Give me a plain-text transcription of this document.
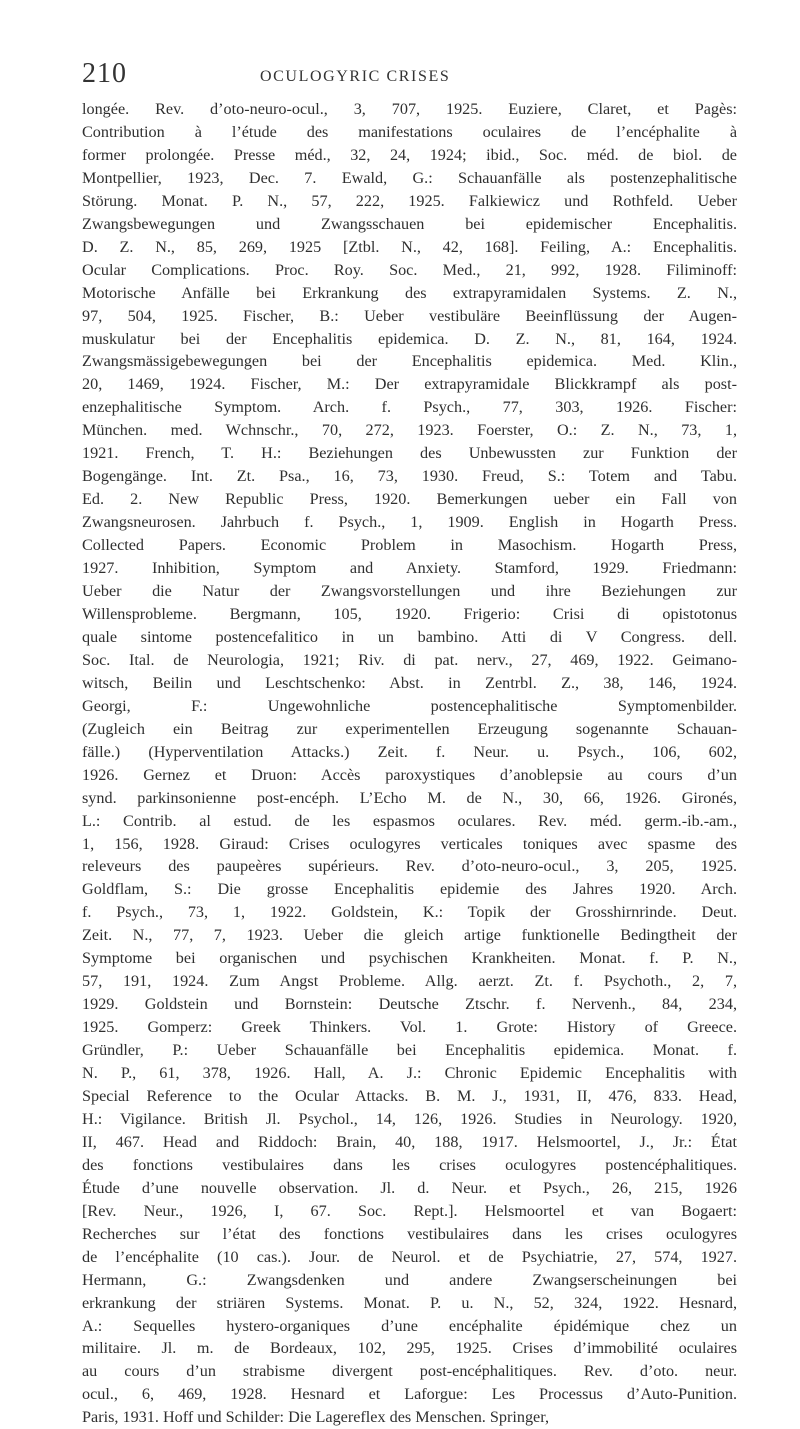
210	OCULOGYRIC CRISES
longée. Rev. d’oto-neuro-ocul., 3, 707, 1925. Euziere, Claret, et Pagès:
Contribution à l’étude des manifestations oculaires de l’encéphalite à
former prolongée. Presse méd., 32, 24, 1924; ibid., Soc. méd. de biol. de
Montpellier, 1923, Dec. 7. Ewald, G.: Schauanfälle als postenzephalitische
Störung. Monat. P. N., 57, 222, 1925. Falkiewicz und Rothfeld. Ueber
Zwangsbewegungen und Zwangsschauen bei epidemischer Encephalitis.
D. Z. N., 85, 269, 1925 [Ztbl. N., 42, 168]. Feiling, A.: Encephalitis.
Ocular Complications. Proc. Roy. Soc. Med., 21, 992, 1928. Filiminoff:
Motorische Anfälle bei Erkrankung des extrapyramidalen Systems. Z. N.,
97, 504, 1925. Fischer, B.: Ueber vestibuläre Beeinflüssung der Augen-
muskulatur bei der Encephalitis epidemica. D. Z. N., 81, 164, 1924.
Zwangsmässigebewegungen bei der Encephalitis epidemica. Med. Klin.,
20, 1469, 1924. Fischer, M.: Der extrapyramidale Blickkrampf als post-
enzephalitische Symptom. Arch. f. Psych., 77, 303, 1926. Fischer:
München. med. Wchnschr., 70, 272, 1923. Foerster, O.: Z. N., 73, 1,
1921. French, T. H.: Beziehungen des Unbewussten zur Funktion der
Bogengänge. Int. Zt. Psa., 16, 73, 1930. Freud, S.: Totem and Tabu.
Ed. 2. New Republic Press, 1920. Bemerkungen ueber ein Fall von
Zwangsneurosen. Jahrbuch f. Psych., 1, 1909. English in Hogarth Press.
Collected Papers. Economic Problem in Masochism. Hogarth Press,
1927. Inhibition, Symptom and Anxiety. Stamford, 1929. Friedmann:
Ueber die Natur der Zwangsvorstellungen und ihre Beziehungen zur
Willensprobleme. Bergmann, 105, 1920. Frigerio: Crisi di opistotonus
quale sintome postencefalitico in un bambino. Atti di V Congress. dell.
Soc. Ital. de Neurologia, 1921; Riv. di pat. nerv., 27, 469, 1922. Geimano-
witsch, Beilin und Leschtschenko: Abst. in Zentrbl. Z., 38, 146, 1924.
Georgi, F.: Ungewohnliche postencephalitische Symptomenbilder.
(Zugleich ein Beitrag zur experimentellen Erzeugung sogenannte Schauan-
fälle.) (Hyperventilation Attacks.) Zeit. f. Neur. u. Psych., 106, 602,
1926. Gernez et Druon: Accès paroxystiques d’anoblepsie au cours d’un
synd. parkinsonienne post-encéph. L’Echo M. de N., 30, 66, 1926. Gironés,
L.: Contrib. al estud. de les espasmos oculares. Rev. méd. germ.-ib.-am.,
1, 156, 1928. Giraud: Crises oculogyres verticales toniques avec spasme des
releveurs des paupeères supérieurs. Rev. d’oto-neuro-ocul., 3, 205, 1925.
Goldflam, S.: Die grosse Encephalitis epidemie des Jahres 1920. Arch.
f. Psych., 73, 1, 1922. Goldstein, K.: Topik der Grosshirnrinde. Deut.
Zeit. N., 77, 7, 1923. Ueber die gleich artige funktionelle Bedingtheit der
Symptome bei organischen und psychischen Krankheiten. Monat. f. P. N.,
57, 191, 1924. Zum Angst Probleme. Allg. aerzt. Zt. f. Psychoth., 2, 7,
1929. Goldstein und Bornstein: Deutsche Ztschr. f. Nervenh., 84, 234,
1925. Gomperz: Greek Thinkers. Vol. 1. Grote: History of Greece.
Gründler, P.: Ueber Schauanfälle bei Encephalitis epidemica. Monat. f.
N. P., 61, 378, 1926. Hall, A. J.: Chronic Epidemic Encephalitis with
Special Reference to the Ocular Attacks. B. M. J., 1931, II, 476, 833. Head,
H.: Vigilance. British Jl. Psychol., 14, 126, 1926. Studies in Neurology. 1920,
II, 467. Head and Riddoch: Brain, 40, 188, 1917. Helsmoortel, J., Jr.: État
des fonctions vestibulaires dans les crises oculogyres postencéphalitiques.
Étude d’une nouvelle observation. Jl. d. Neur. et Psych., 26, 215, 1926
[Rev. Neur., 1926, I, 67. Soc. Rept.]. Helsmoortel et van Bogaert:
Recherches sur l’état des fonctions vestibulaires dans les crises oculogyres
de l’encéphalite (10 cas.). Jour. de Neurol. et de Psychiatrie, 27, 574, 1927.
Hermann, G.: Zwangsdenken und andere Zwangserscheinungen bei
erkrankung der striären Systems. Monat. P. u. N., 52, 324, 1922. Hesnard,
A.: Sequelles hystero-organiques d’une encéphalite épidémique chez un
militaire. Jl. m. de Bordeaux, 102, 295, 1925. Crises d’immobilité oculaires
au cours d’un strabisme divergent post-encéphalitiques. Rev. d’oto. neur.
ocul., 6, 469, 1928. Hesnard et Laforgue: Les Processus d’Auto-Punition.
Paris, 1931. Hoff und Schilder: Die Lagereflex des Menschen. Springer,
